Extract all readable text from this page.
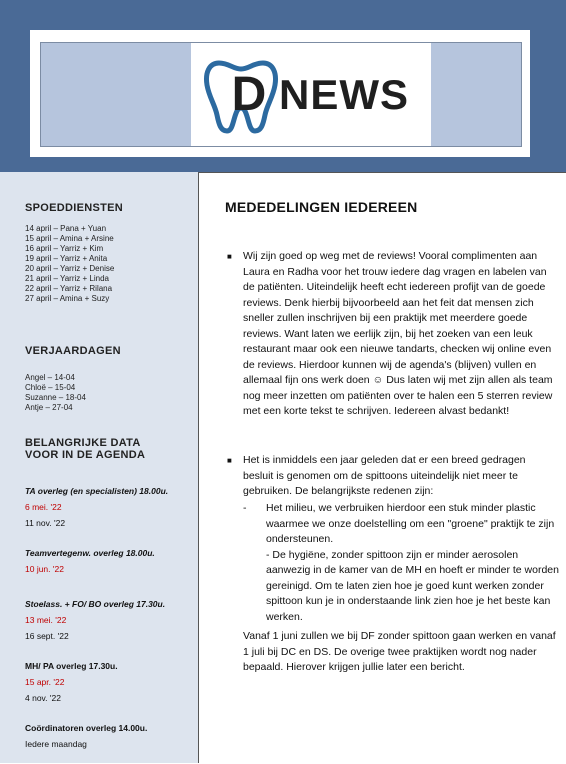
D NEWS
SPOEDDIENSTEN
14 april – Pana + Yuan
15 april – Amina + Arsine
16 april – Yarriz + Kim
19 april – Yarriz + Anita
20 april – Yarriz + Denise
21 april – Yarriz + Linda
22 april – Yarriz + Rilana
27 april – Amina + Suzy
VERJAARDAGEN
Angel – 14-04
Chloë – 15-04
Suzanne – 18-04
Antje – 27-04
BELANGRIJKE DATA
VOOR IN DE AGENDA
TA overleg (en specialisten) 18.00u.
6 mei. '22
11 nov. '22
Teamvertegenw. overleg 18.00u.
10 jun. '22
Stoelass. + FO/ BO overleg 17.30u.
13 mei. '22
16 sept. '22
MH/ PA overleg 17.30u.
15 apr. '22
4 nov. '22
Coördinatoren overleg 14.00u.
Iedere maandag
MEDEDELINGEN IEDEREEN
■ Wij zijn goed op weg met de reviews! Vooral complimenten aan Laura en Radha voor het trouw iedere dag vragen en labelen van de patiënten. Uiteindelijk heeft echt iedereen profijt van de goede reviews. Denk hierbij bijvoorbeeld aan het feit dat mensen zich sneller zullen inschrijven bij een praktijk met meerdere goede reviews. Want laten we eerlijk zijn, bij het zoeken van een leuk restaurant maar ook een nieuwe tandarts, checken wij online even de reviews. Hierdoor kunnen wij de agenda's (blijven) vullen en allemaal fijn ons werk doen ☺ Dus laten wij met zijn allen als team nog meer inzetten om patiënten over te halen een 5 sterren review met een korte tekst te schrijven. Iedereen alvast bedankt!
■ Het is inmiddels een jaar geleden dat er een breed gedragen besluit is genomen om de spittoons uiteindelijk niet meer te gebruiken. De belangrijkste redenen zijn:
- Het milieu, we verbruiken hierdoor een stuk minder plastic waarmee we onze doelstelling om een "groene" praktijk te zijn ondersteunen.
- De hygiëne, zonder spittoon zijn er minder aerosolen aanwezig in de kamer van de MH en hoeft er minder te worden gereinigd. Om te laten zien hoe je goed kunt werken zonder spittoon kun je in onderstaande link zien hoe je het beste kan werken.
Vanaf 1 juni zullen we bij DF zonder spittoon gaan werken en vanaf 1 juli bij DC en DS. De overige twee praktijken wordt nog nader bepaald. Hierover krijgen jullie later een bericht.
